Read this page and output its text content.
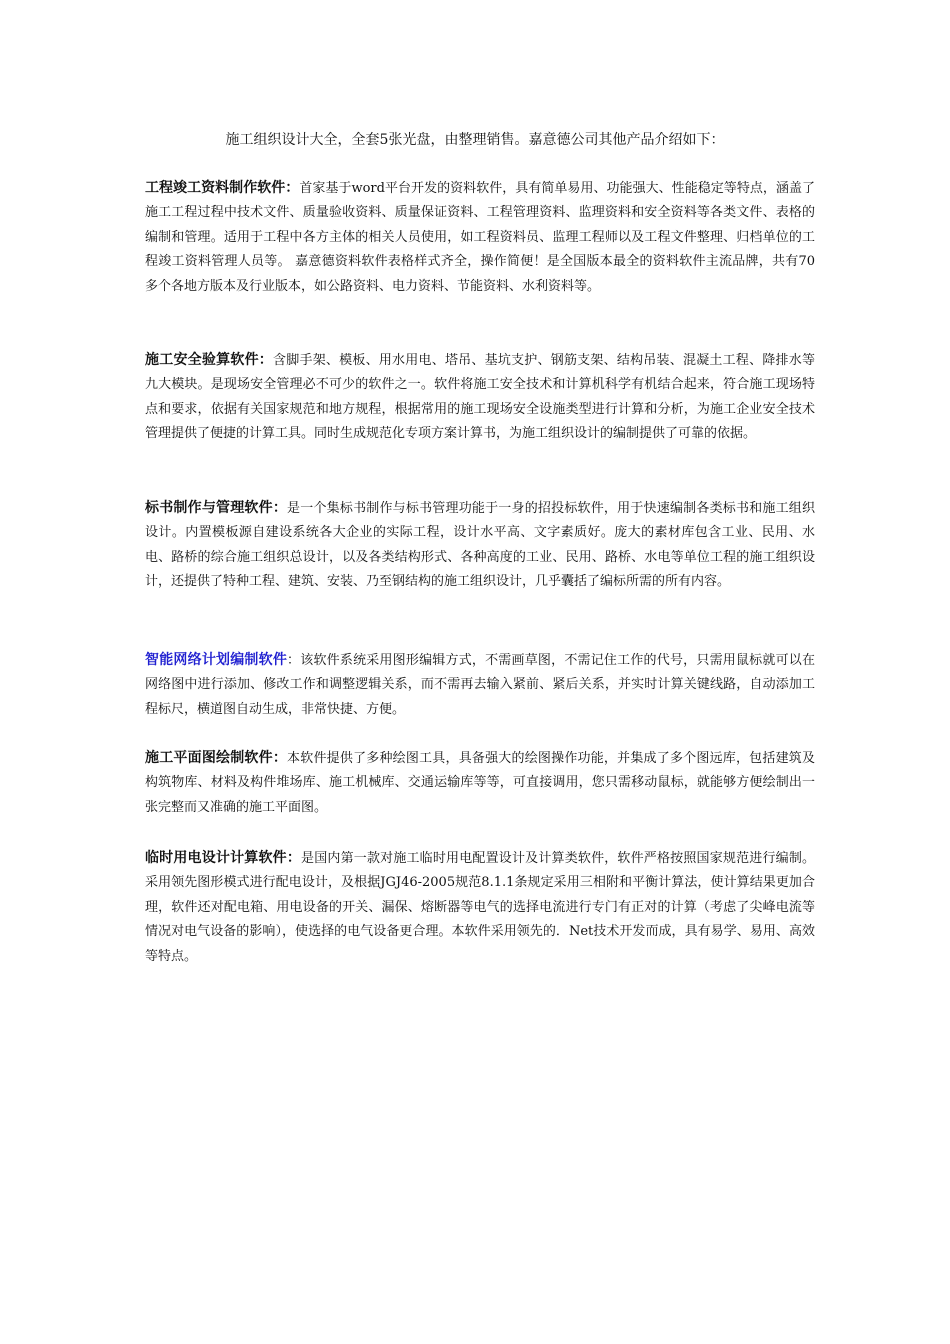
施工组织设计大全，全套5张光盘，由整理销售。嘉意德公司其他产品介绍如下：
工程竣工资料制作软件：首家基于word平台开发的资料软件，具有简单易用、功能强大、性能稳定等特点，涵盖了施工工程过程中技术文件、质量验收资料、质量保证资料、工程管理资料、监理资料和安全资料等各类文件、表格的编制和管理。适用于工程中各方主体的相关人员使用，如工程资料员、监理工程师以及工程文件整理、归档单位的工程竣工资料管理人员等。 嘉意德资料软件表格样式齐全，操作简便！是全国版本最全的资料软件主流品牌，共有70多个各地方版本及行业版本，如公路资料、电力资料、节能资料、水利资料等。
施工安全验算软件：含脚手架、模板、用水用电、塔吊、基坑支护、钢筋支架、结构吊装、混凝土工程、降排水等九大模块。是现场安全管理必不可少的软件之一。软件将施工安全技术和计算机科学有机结合起来，符合施工现场特点和要求，依据有关国家规范和地方规程，根据常用的施工现场安全设施类型进行计算和分析，为施工企业安全技术管理提供了便捷的计算工具。同时生成规范化专项方案计算书，为施工组织设计的编制提供了可靠的依据。
标书制作与管理软件：是一个集标书制作与标书管理功能于一身的招投标软件，用于快速编制各类标书和施工组织设计。内置模板源自建设系统各大企业的实际工程，设计水平高、文字素质好。庞大的素材库包含工业、民用、水电、路桥的综合施工组织总设计，以及各类结构形式、各种高度的工业、民用、路桥、水电等单位工程的施工组织设计，还提供了特种工程、建筑、安装、乃至钢结构的施工组织设计，几乎囊括了编标所需的所有内容。
智能网络计划编制软件：该软件系统采用图形编辑方式，不需画草图，不需记住工作的代号，只需用鼠标就可以在网络图中进行添加、修改工作和调整逻辑关系，而不需再去输入紧前、紧后关系，并实时计算关键线路，自动添加工程标尺，横道图自动生成，非常快捷、方便。
施工平面图绘制软件：本软件提供了多种绘图工具，具备强大的绘图操作功能，并集成了多个图远库，包括建筑及构筑物库、材料及构件堆场库、施工机械库、交通运输库等等，可直接调用，您只需移动鼠标，就能够方便绘制出一张完整而又准确的施工平面图。
临时用电设计计算软件：是国内第一款对施工临时用电配置设计及计算类软件，软件严格按照国家规范进行编制。采用领先图形模式进行配电设计，及根据JGJ46-2005规范8.1.1条规定采用三相附和平衡计算法，使计算结果更加合理，软件还对配电箱、用电设备的开关、漏保、熔断器等电气的选择电流进行专门有正对的计算（考虑了尖峰电流等情况对电气设备的影响），使选择的电气设备更合理。本软件采用领先的．Net技术开发而成，具有易学、易用、高效等特点。
